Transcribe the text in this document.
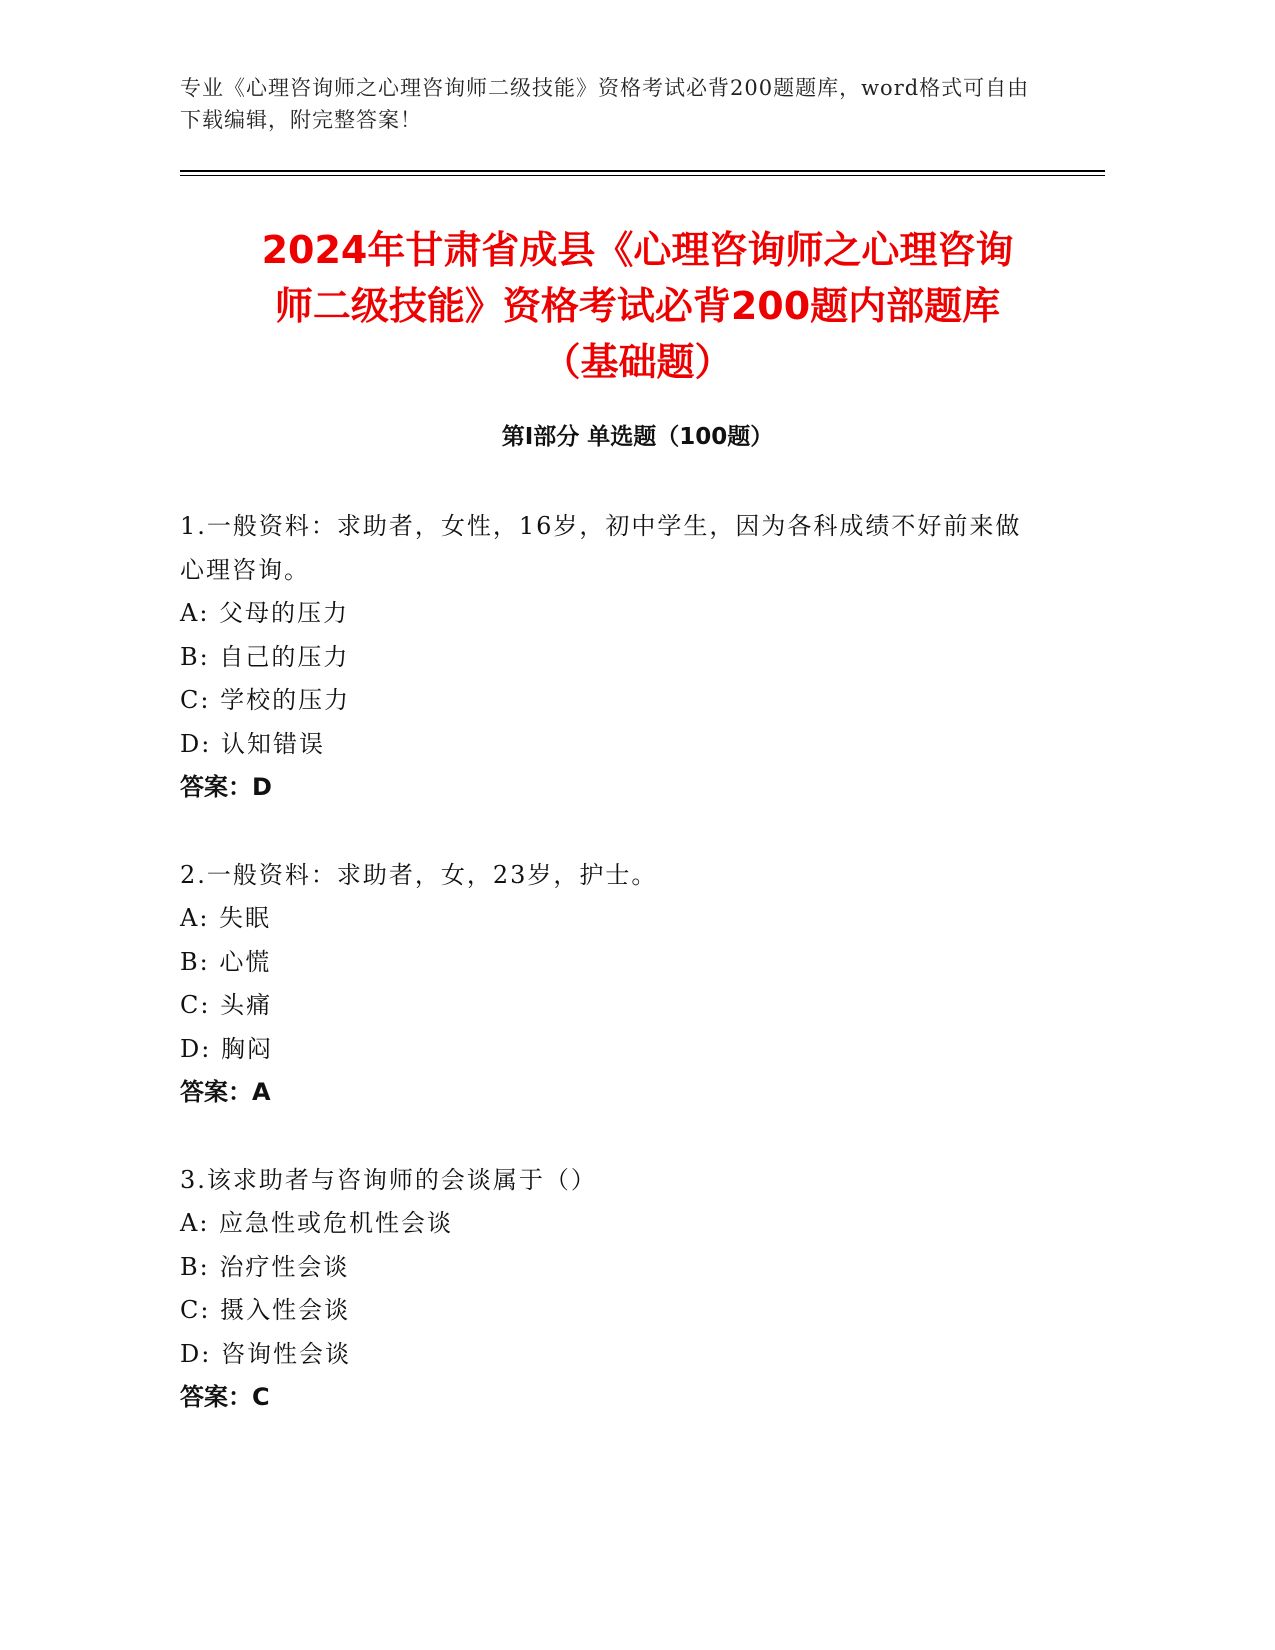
专业《心理咨询师之心理咨询师二级技能》资格考试必背200题题库，word格式可自由下载编辑，附完整答案！
2024年甘肃省成县《心理咨询师之心理咨询
师二级技能》资格考试必背200题内部题库
（基础题）
第Ⅰ部分 单选题（100题）
1.一般资料：求助者，女性，16岁，初中学生，因为各科成绩不好前来做心理咨询。
A: 父母的压力
B: 自己的压力
C: 学校的压力
D: 认知错误
答案：D
2.一般资料：求助者，女，23岁，护士。
A: 失眠
B: 心慌
C: 头痛
D: 胸闷
答案：A
3.该求助者与咨询师的会谈属于（）
A: 应急性或危机性会谈
B: 治疗性会谈
C: 摄入性会谈
D: 咨询性会谈
答案：C
